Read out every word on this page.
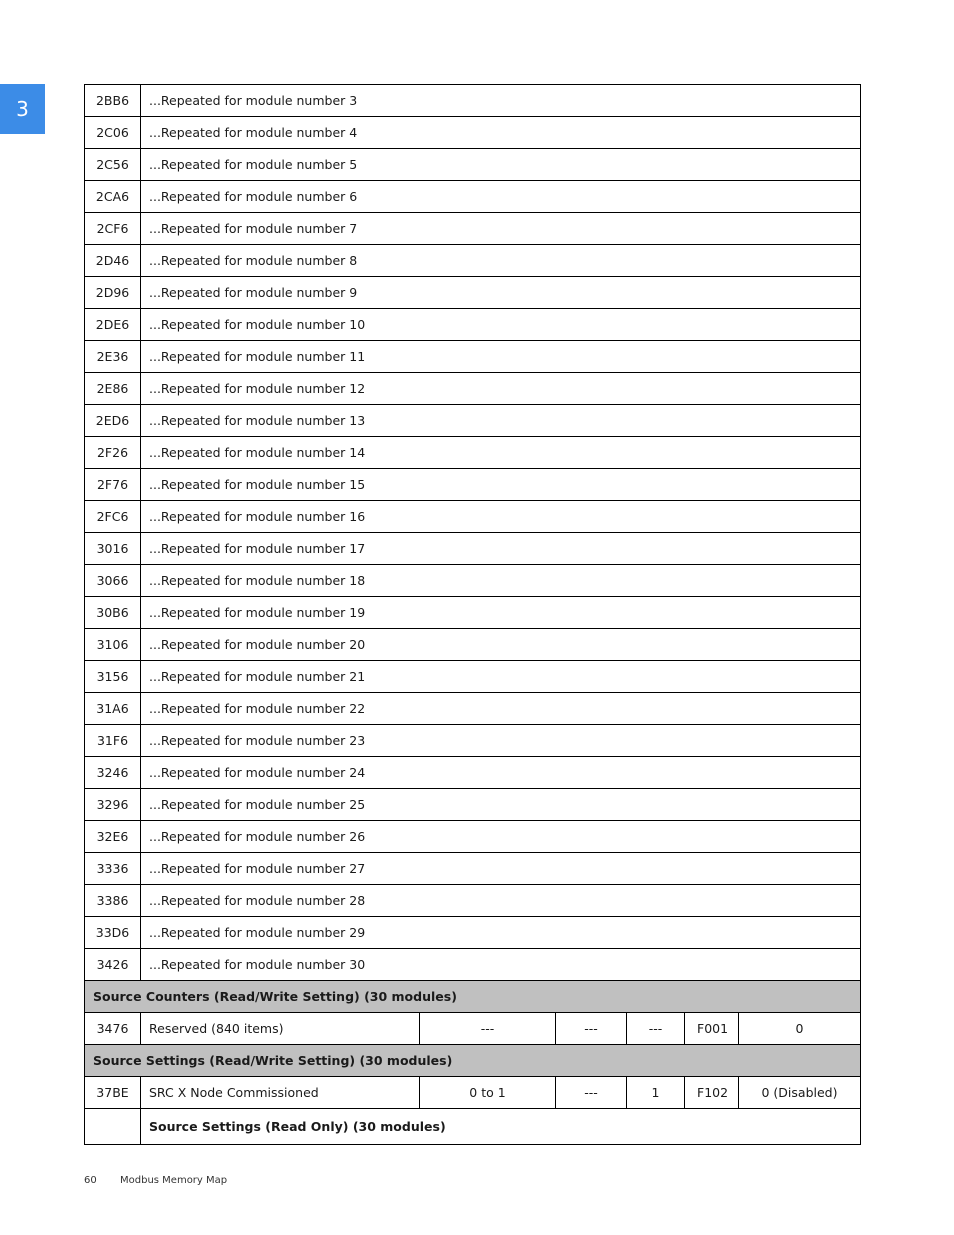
3	2BB6	...Repeated for module number 3					
2C06	...Repeated for module number 4					
2C56	...Repeated for module number 5					
2CA6	...Repeated for module number 6					
2CF6	...Repeated for module number 7					
2D46	...Repeated for module number 8					
2D96	...Repeated for module number 9					
2DE6	...Repeated for module number 10					
2E36	...Repeated for module number 11					
2E86	...Repeated for module number 12					
2ED6	...Repeated for module number 13					
2F26	...Repeated for module number 14					
2F76	...Repeated for module number 15					
2FC6	...Repeated for module number 16					
3016	...Repeated for module number 17					
3066	...Repeated for module number 18					
30B6	...Repeated for module number 19					
3106	...Repeated for module number 20					
3156	...Repeated for module number 21					
31A6	...Repeated for module number 22					
31F6	...Repeated for module number 23					
3246	...Repeated for module number 24					
3296	...Repeated for module number 25					
32E6	...Repeated for module number 26					
3336	...Repeated for module number 27					
3386	...Repeated for module number 28					
33D6	...Repeated for module number 29					
3426	...Repeated for module number 30					
Source Counters (Read/Write Setting) (30 modules)						
3476	Reserved (840 items)	---	---	---	F001	0
Source Settings (Read/Write Setting) (30 modules)						
37BE	SRC X Node Commissioned	0 to 1	---	1	F102	0 (Disabled)
	Source Settings (Read Only) (30 modules)					
60 Modbus Memory Map
